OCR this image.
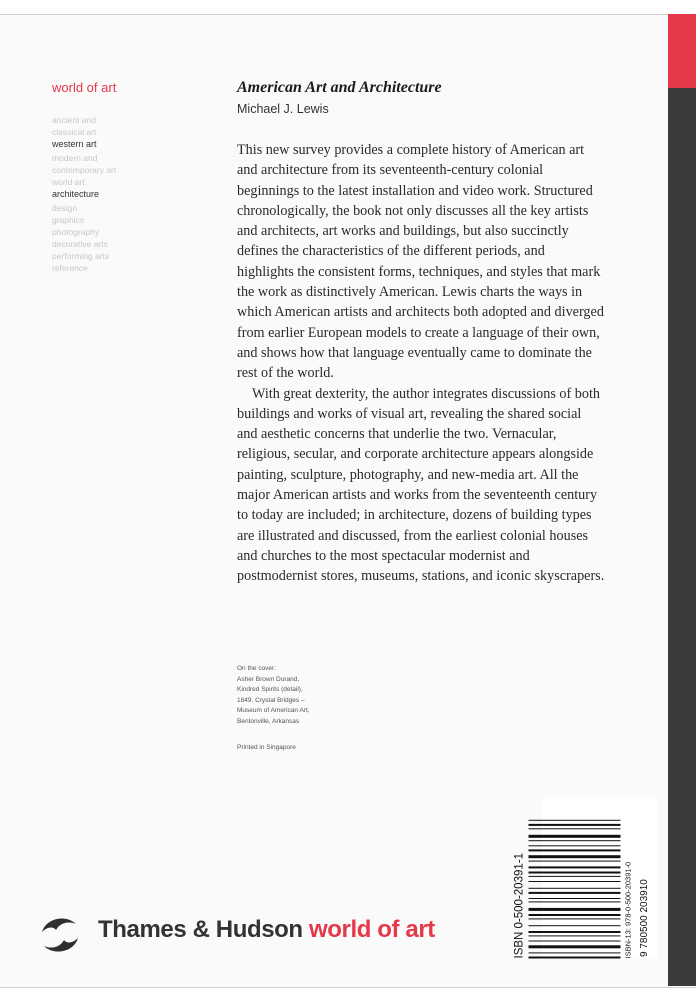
world of art
ancient and
classical art
western art
modern and
contemporary art
world art
architecture
design
graphics
photography
decorative arts
performing arts
reference
American Art and Architecture
Michael J. Lewis

This new survey provides a complete history of American art and architecture from its seventeenth-century colonial beginnings to the latest installation and video work. Structured chronologically, the book not only discusses all the key artists and architects, art works and buildings, but also succinctly defines the characteristics of the different periods, and highlights the consistent forms, techniques, and styles that mark the work as distinctively American. Lewis charts the ways in which American artists and architects both adopted and diverged from earlier European models to create a language of their own, and shows how that language eventually came to dominate the rest of the world.

With great dexterity, the author integrates discussions of both buildings and works of visual art, revealing the shared social and aesthetic concerns that underlie the two. Vernacular, religious, secular, and corporate architecture appears alongside painting, sculpture, photography, and new-media art. All the major American artists and works from the seventeenth century to today are included; in architecture, dozens of building types are illustrated and discussed, from the earliest colonial houses and churches to the most spectacular modernist and postmodernist stores, museums, stations, and iconic skyscrapers.

On the cover:
Asher Brown Durand,
Kindred Spirits (detail),
1849. Crystal Bridges –
Museum of American Art,
Bentonville, Arkansas
Printed in Singapore
ISBN 0-500-20391-1	ISBN-13: 978-0-500-20391-0 9 780500 203910
Thames & Hudson world of art
